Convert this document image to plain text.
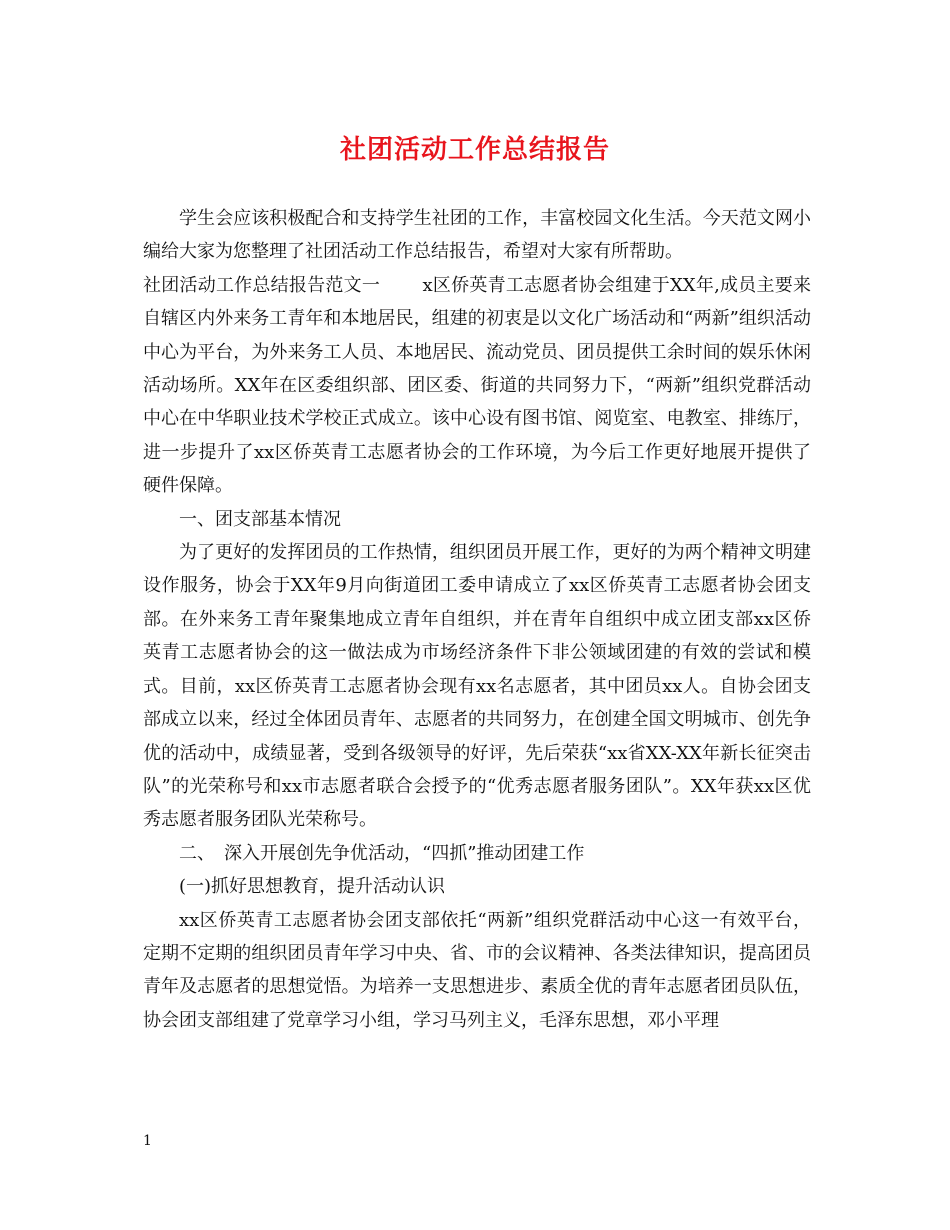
社团活动工作总结报告

学生会应该积极配合和支持学生社团的工作，丰富校园文化生活。今天范文网小编给大家为您整理了社团活动工作总结报告，希望对大家有所帮助。

社团活动工作总结报告范文一　　 x区侨英青工志愿者协会组建于XX年,成员主要来自辖区内外来务工青年和本地居民，组建的初衷是以文化广场活动和“两新”组织活动中心为平台，为外来务工人员、本地居民、流动党员、团员提供工余时间的娱乐休闲活动场所。XX年在区委组织部、团区委、街道的共同努力下，“两新”组织党群活动中心在中华职业技术学校正式成立。该中心设有图书馆、阅览室、电教室、排练厅，进一步提升了xx区侨英青工志愿者协会的工作环境，为今后工作更好地展开提供了硬件保障。

一、团支部基本情况

为了更好的发挥团员的工作热情，组织团员开展工作，更好的为两个精神文明建设作服务，协会于XX年9月向街道团工委申请成立了xx区侨英青工志愿者协会团支部。在外来务工青年聚集地成立青年自组织，并在青年自组织中成立团支部xx区侨英青工志愿者协会的这一做法成为市场经济条件下非公领域团建的有效的尝试和模式。目前，xx区侨英青工志愿者协会现有xx名志愿者，其中团员xx人。自协会团支部成立以来，经过全体团员青年、志愿者的共同努力，在创建全国文明城市、创先争优的活动中，成绩显著，受到各级领导的好评，先后荣获“xx省XX-XX年新长征突击队”的光荣称号和xx市志愿者联合会授予的“优秀志愿者服务团队”。XX年获xx区优秀志愿者服务团队光荣称号。

二、　深入开展创先争优活动，“四抓”推动团建工作

(一)抓好思想教育，提升活动认识

xx区侨英青工志愿者协会团支部依托“两新”组织党群活动中心这一有效平台，定期不定期的组织团员青年学习中央、省、市的会议精神、各类法律知识，提高团员青年及志愿者的思想觉悟。为培养一支思想进步、素质全优的青年志愿者团员队伍，协会团支部组建了党章学习小组，学习马列主义，毛泽东思想，邓小平理

1
